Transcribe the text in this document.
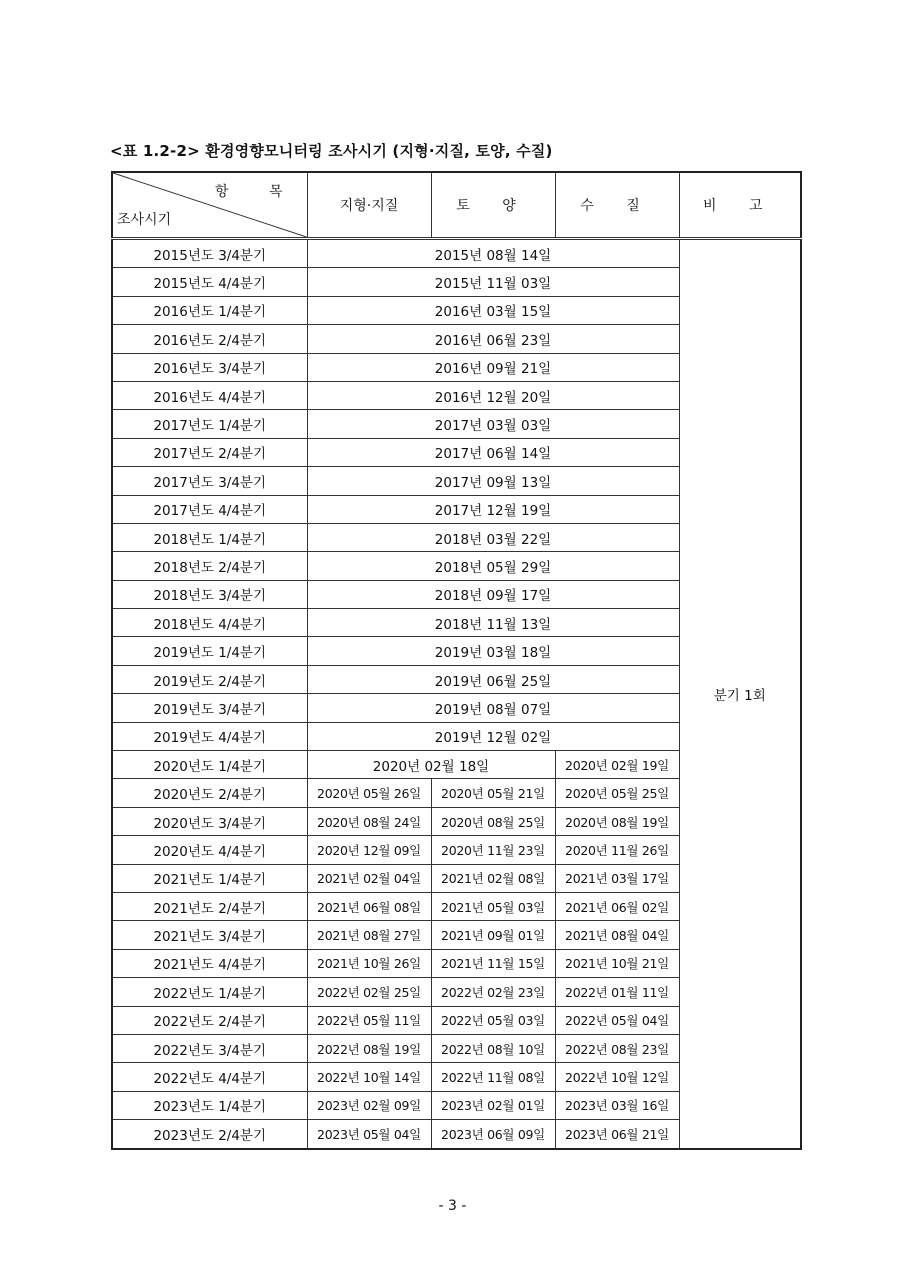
<표 1.2-2> 환경영향모니터링 조사시기 (지형·지질, 토양, 수질)
항 목
조사시기	지형·지질	토 양	수 질	비 고
2015년도 3/4분기	2015년 08월 14일			분기 1회
2015년도 4/4분기	2015년 11월 03일			
2016년도 1/4분기	2016년 03월 15일			
2016년도 2/4분기	2016년 06월 23일			
2016년도 3/4분기	2016년 09월 21일			
2016년도 4/4분기	2016년 12월 20일			
2017년도 1/4분기	2017년 03월 03일			
2017년도 2/4분기	2017년 06월 14일			
2017년도 3/4분기	2017년 09월 13일			
2017년도 4/4분기	2017년 12월 19일			
2018년도 1/4분기	2018년 03월 22일			
2018년도 2/4분기	2018년 05월 29일			
2018년도 3/4분기	2018년 09월 17일			
2018년도 4/4분기	2018년 11월 13일			
2019년도 1/4분기	2019년 03월 18일			
2019년도 2/4분기	2019년 06월 25일			
2019년도 3/4분기	2019년 08월 07일			
2019년도 4/4분기	2019년 12월 02일			
2020년도 1/4분기	2020년 02월 18일		2020년 02월 19일	
2020년도 2/4분기	2020년 05월 26일	2020년 05월 21일	2020년 05월 25일	
2020년도 3/4분기	2020년 08월 24일	2020년 08월 25일	2020년 08월 19일	
2020년도 4/4분기	2020년 12월 09일	2020년 11월 23일	2020년 11월 26일	
2021년도 1/4분기	2021년 02월 04일	2021년 02월 08일	2021년 03월 17일	
2021년도 2/4분기	2021년 06월 08일	2021년 05월 03일	2021년 06월 02일	
2021년도 3/4분기	2021년 08월 27일	2021년 09월 01일	2021년 08월 04일	
2021년도 4/4분기	2021년 10월 26일	2021년 11월 15일	2021년 10월 21일	
2022년도 1/4분기	2022년 02월 25일	2022년 02월 23일	2022년 01월 11일	
2022년도 2/4분기	2022년 05월 11일	2022년 05월 03일	2022년 05월 04일	
2022년도 3/4분기	2022년 08월 19일	2022년 08월 10일	2022년 08월 23일	
2022년도 4/4분기	2022년 10월 14일	2022년 11월 08일	2022년 10월 12일	
2023년도 1/4분기	2023년 02월 09일	2023년 02월 01일	2023년 03월 16일	
2023년도 2/4분기	2023년 05월 04일	2023년 06월 09일	2023년 06월 21일	
- 3 -
